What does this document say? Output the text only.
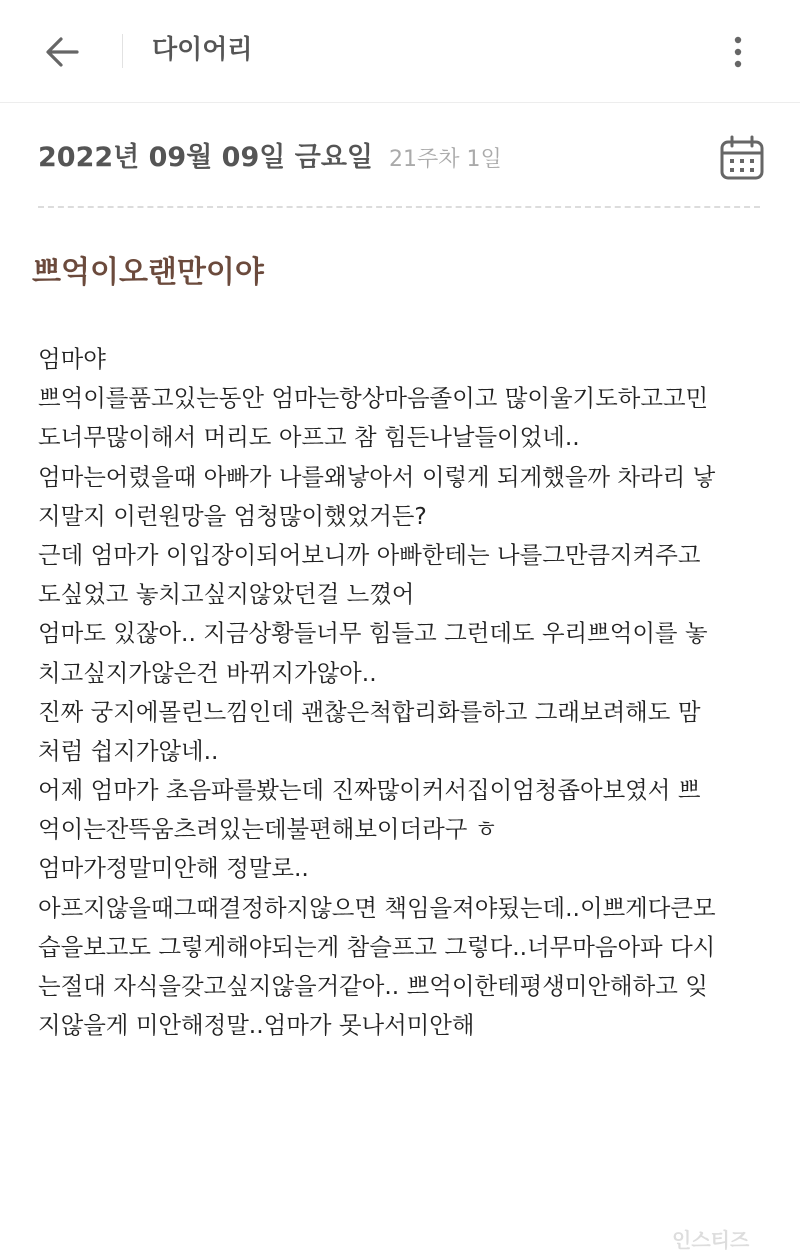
다이어리
2022년 09월 09일 금요일 21주차 1일
쁘억이오랜만이야
엄마야
쁘억이를품고있는동안 엄마는항상마음졸이고 많이울기도하고고민
도너무많이해서 머리도 아프고 참 힘든나날들이었네..
엄마는어렸을때 아빠가 나를왜낳아서 이렇게 되게했을까 차라리 낳
지말지 이런원망을 엄청많이했었거든?
근데 엄마가 이입장이되어보니까 아빠한테는 나를그만큼지켜주고
도싶었고 놓치고싶지않았던걸 느꼈어
엄마도 있잖아.. 지금상황들너무 힘들고 그런데도 우리쁘억이를 놓
치고싶지가않은건 바뀌지가않아..
진짜 궁지에몰린느낌인데 괜찮은척합리화를하고 그래보려해도 맘
처럼 쉽지가않네..
어제 엄마가 초음파를봤는데 진짜많이커서집이엄청좁아보였서 쁘
억이는잔뜩움츠려있는데불편해보이더라구 ㅎ
엄마가정말미안해 정말로..
아프지않을때그때결정하지않으면 책임을져야됬는데..이쁘게다큰모
습을보고도 그렇게해야되는게 참슬프고 그렇다..너무마음아파 다시
는절대 자식을갖고싶지않을거같아.. 쁘억이한테평생미안해하고 잊
지않을게 미안해정말..엄마가 못나서미안해
인스티즈
